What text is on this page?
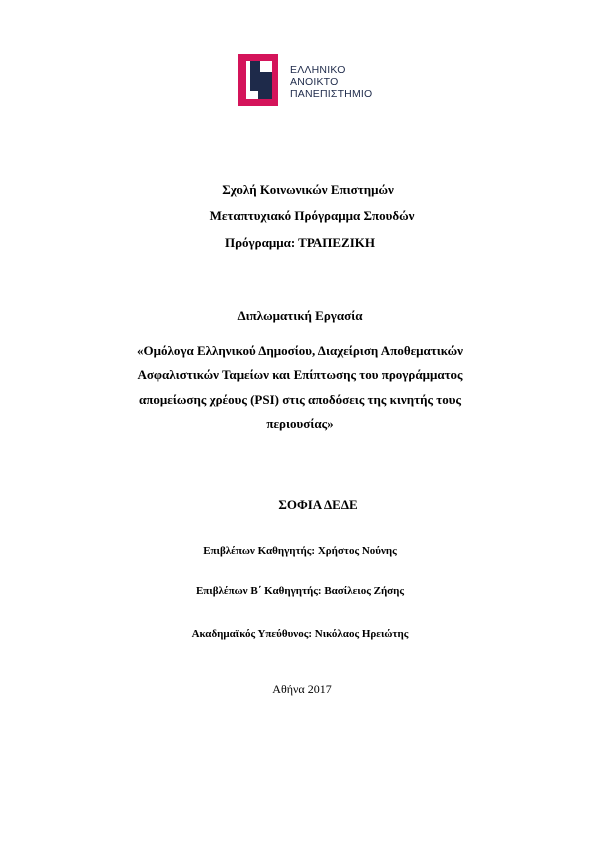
ΕΛΛΗΝΙΚΟ
ΑΝΟΙΚΤΟ
ΠΑΝΕΠΙΣΤΗΜΙΟ
Σχολή Κοινωνικών Επιστημών
Μεταπτυχιακό Πρόγραμμα Σπουδών
Πρόγραμμα: ΤΡΑΠΕΖΙΚΗ
Διπλωματική Εργασία
«Ομόλογα Ελληνικού Δημοσίου, Διαχείριση Αποθεματικών
Ασφαλιστικών Ταμείων και Επίπτωσης του προγράμματος
απομείωσης χρέους (PSI) στις αποδόσεις της κινητής τους
περιουσίας»
ΣΟΦΙΑ ΔΕΔΕ
Επιβλέπων Καθηγητής: Χρήστος Νούνης
Επιβλέπων Β΄ Καθηγητής: Βασίλειος Ζήσης
Ακαδημαϊκός Υπεύθυνος: Νικόλαος Ηρειώτης
Αθήνα 2017
